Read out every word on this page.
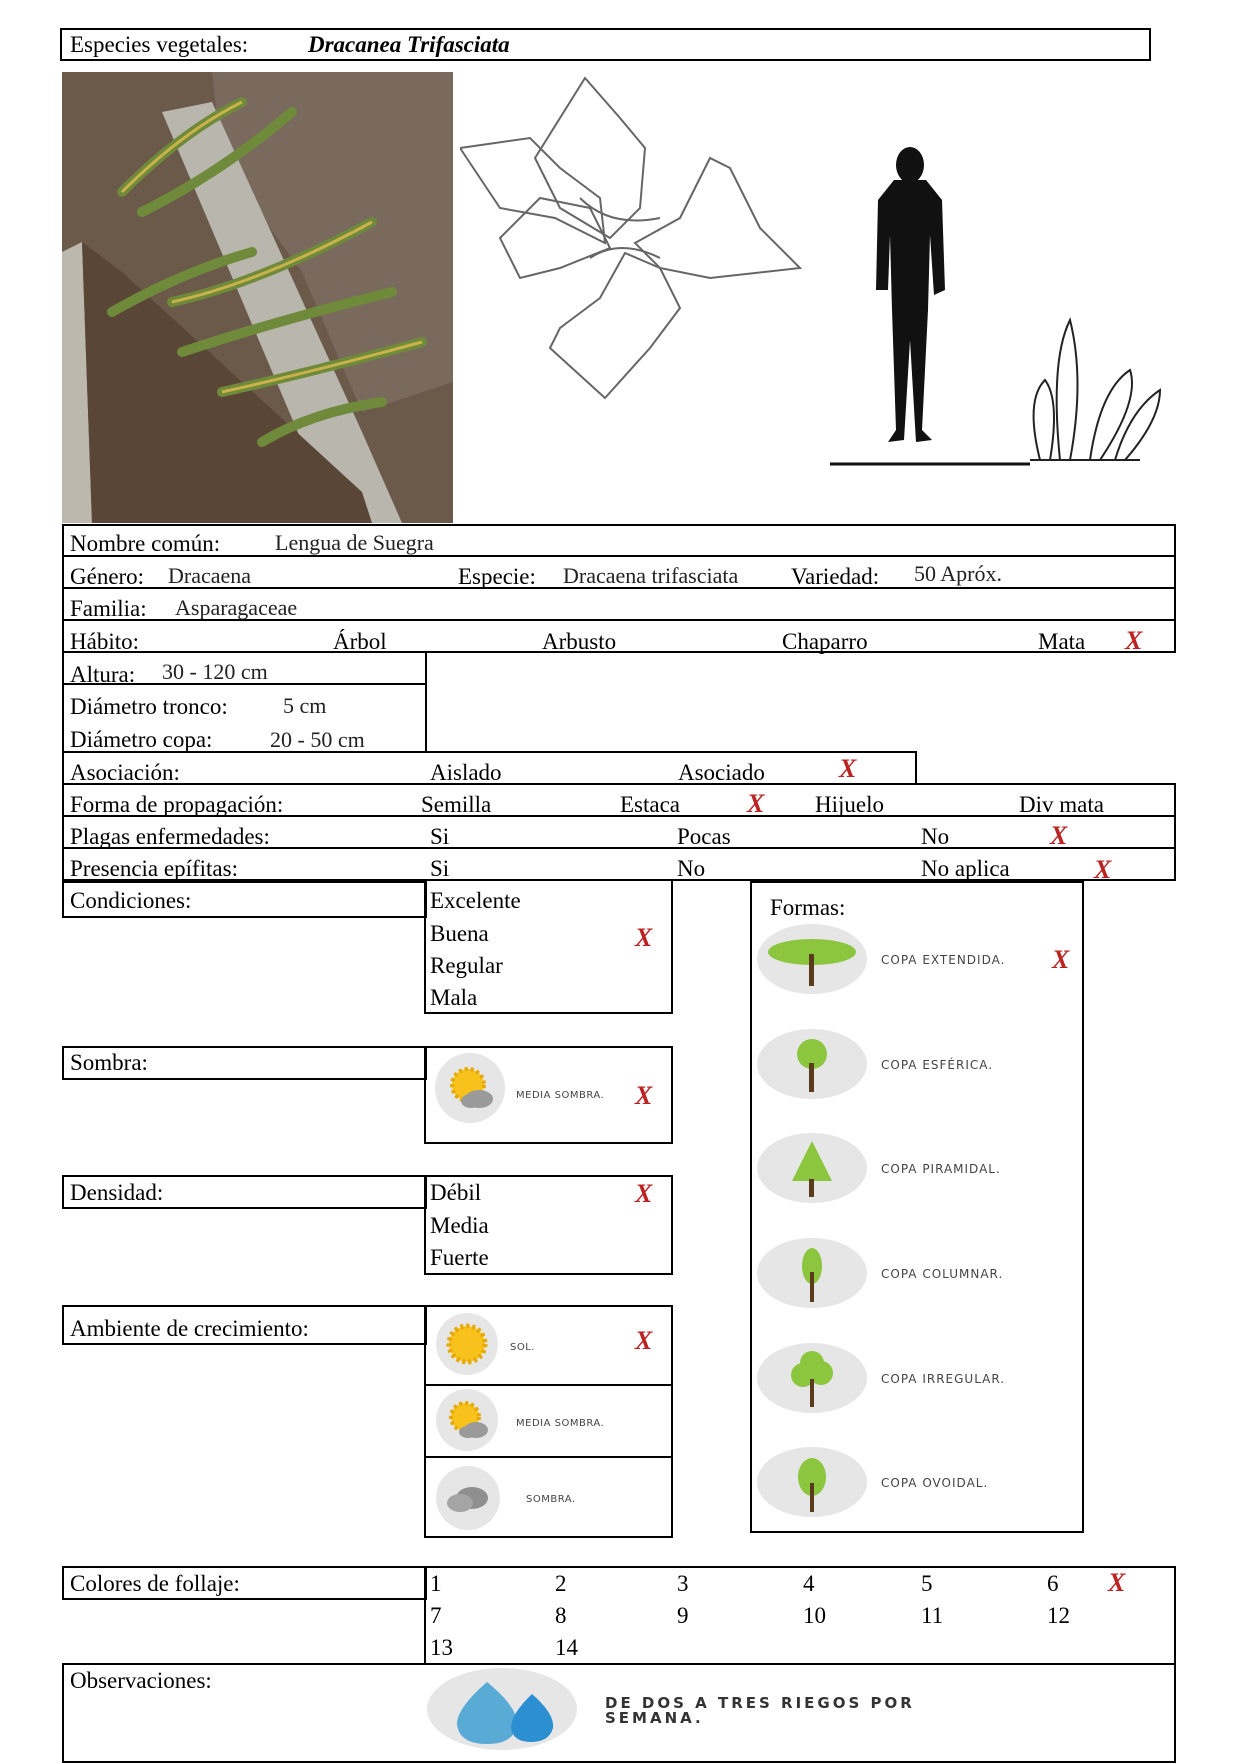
Especies vegetales:	Dracanea Trifasciata
Nombre común: Lengua de Suegra
Género: Dracaena	Especie: Dracaena trifasciata Variedad: 50 Apróx.
Familia: Asparagaceae
Hábito:	Árbol	Arbusto	Chaparro	Mata X
Altura: 30 - 120 cm
Diámetro tronco:	5 cm
Diámetro copa:	20 - 50 cm
Asociación:	Aislado	Asociado	X
Forma de propagación:	Semilla	Estaca	X Hijuelo	Div mata
Plagas enfermedades:	Si	Pocas	No	X
Presencia epífitas:	Si	No	No aplica	X
Condiciones:	Excelente
Buena	X
Regular
Mala
Sombra:
MEDIA SOMBRA. X
Densidad:	Débil	X
Media
Fuerte
Ambiente de crecimiento:
SOL.	X
MEDIA SOMBRA.
SOMBRA.
Formas:
COPA EXTENDIDA. X
COPA ESFÉRICA.
COPA PIRAMIDAL.
COPA COLUMNAR.
COPA IRREGULAR.
COPA OVOIDAL.
Colores de follaje:	1	2	3	4	5	6 X
7	8	9	10	11	12
13	14
Observaciones:
DE DOS A TRES RIEGOS POR SEMANA.
